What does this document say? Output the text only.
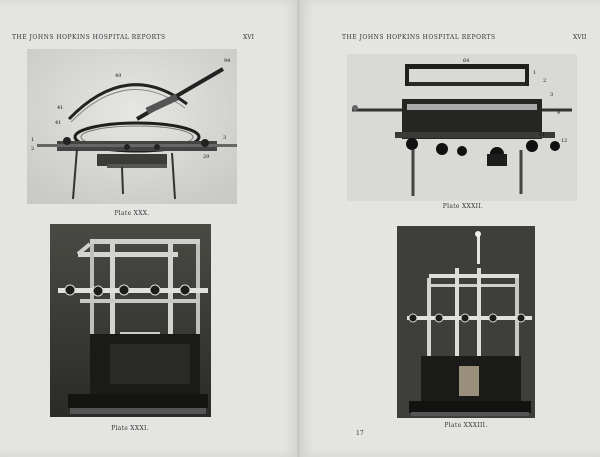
THE JOHNS HOPKINS HOSPITAL REPORTS	XVI
49
94
41
41
1
2
3
29
Plate XXX.
Plate XXXI.
THE JOHNS HOPKINS HOSPITAL REPORTS	XVII
64
1
2
3
4
11
12
Plate XXXII.
Plate XXXIII.
17
